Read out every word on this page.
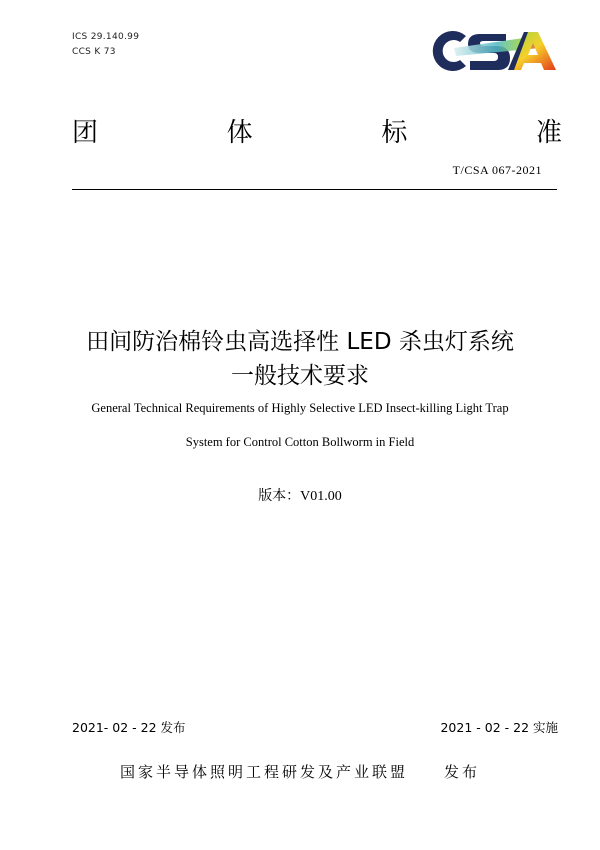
ICS 29.140.99
CCS K 73
团	体	标	准
T/CSA 067-2021
田间防治棉铃虫高选择性 LED 杀虫灯系统
一般技术要求
General Technical Requirements of Highly Selective LED Insect-killing Light Trap
System for Control Cotton Bollworm in Field
版本：V01.00
2021- 02 - 22 发布	2021 - 02 - 22 实施
国家半导体照明工程研发及产业联盟　　发布
